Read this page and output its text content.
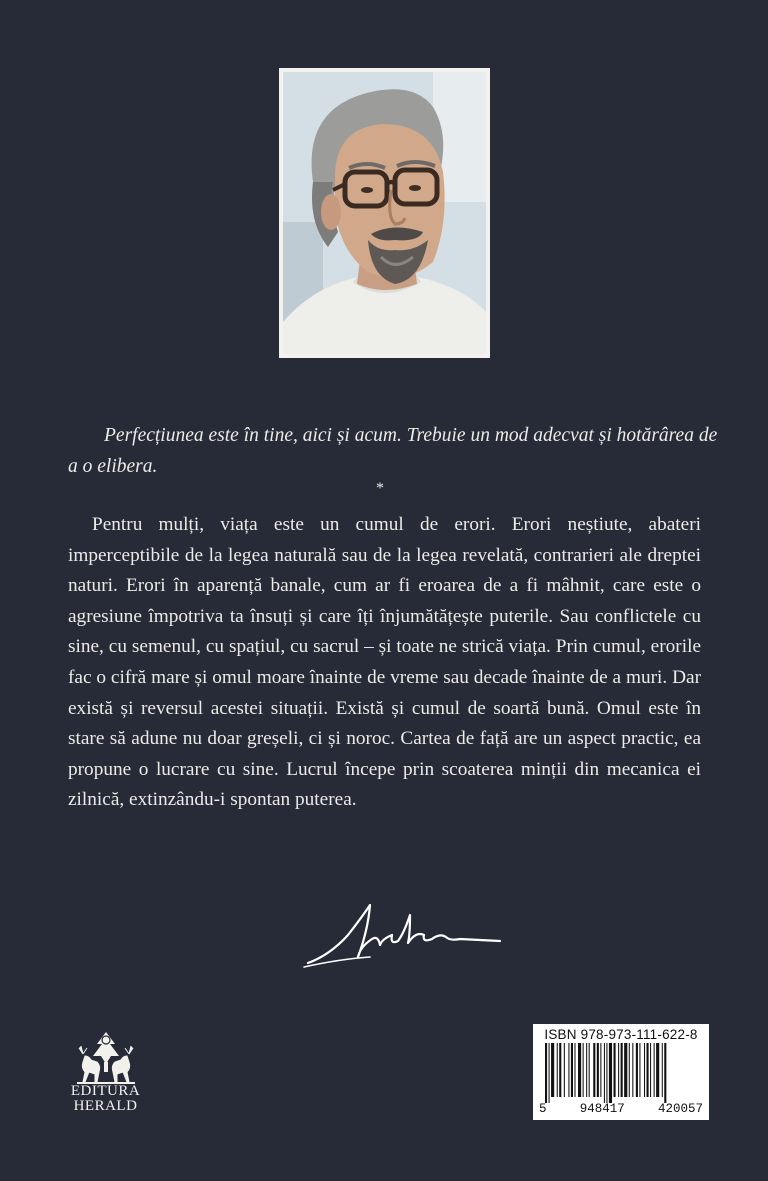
Perfecțiunea este în tine, aici și acum. Trebuie un mod adecvat și hotărârea de a o elibera.

*

Pentru mulți, viața este un cumul de erori. Erori neștiute, abateri imperceptibile de la legea naturală sau de la legea revelată, contrarieri ale dreptei naturi. Erori în aparență banale, cum ar fi eroarea de a fi mâhnit, care este o agresiune împotriva ta însuți și care îți înjumătățește puterile. Sau conflictele cu sine, cu semenul, cu spațiul, cu sacrul – și toate ne strică viața. Prin cumul, erorile fac o cifră mare și omul moare înainte de vreme sau decade înainte de a muri. Dar există și reversul acestei situații. Există și cumul de soartă bună. Omul este în stare să adune nu doar greșeli, ci și noroc. Cartea de față are un aspect practic, ea propune o lucrare cu sine. Lucrul începe prin scoaterea minții din mecanica ei zilnică, extinzându-i spontan puterea.

EDITURA

HERALD

ISBN 978-973-111-622-8

5	948417	420057
